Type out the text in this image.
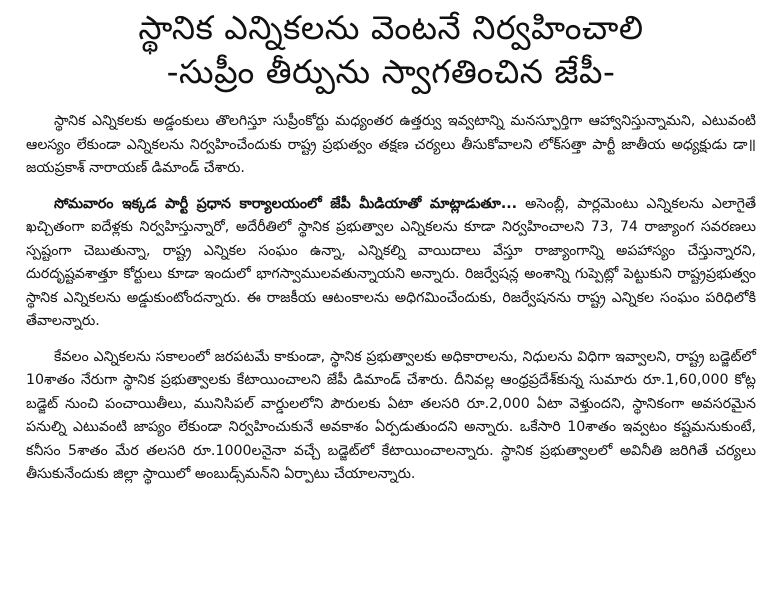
స్థానిక ఎన్నికలను వెంటనే నిర్వహించాలి
-సుప్రీం తీర్పును స్వాగతించిన జేపీ-

స్థానిక ఎన్నికలకు అడ్డంకులు తొలగిస్తూ సుప్రీంకోర్టు మధ్యంతర ఉత్తర్వు ఇవ్వటాన్ని మనస్ఫూర్తిగా ఆహ్వానిస్తున్నామని, ఎటువంటి ఆలస్యం లేకుండా ఎన్నికలను నిర్వహించేందుకు రాష్ట్ర ప్రభుత్వం తక్షణ చర్యలు తీసుకోవాలని లోక్‌సత్తా పార్టీ జాతీయ అధ్యక్షుడు డా॥ జయప్రకాశ్ నారాయణ్ డిమాండ్ చేశారు.

సోమవారం ఇక్కడ పార్టీ ప్రధాన కార్యాలయంలో జేపీ మీడియాతో మాట్లాడుతూ... అసెంబ్లీ, పార్లమెంటు ఎన్నికలను ఎలాగైతే ఖచ్చితంగా ఐదేళ్లకు నిర్వహిస్తున్నారో, అదేరీతిలో స్థానిక ప్రభుత్వాల ఎన్నికలను కూడా నిర్వహించాలని 73, 74 రాజ్యాంగ సవరణలు స్పష్టంగా చెబుతున్నా, రాష్ట్ర ఎన్నికల సంఘం ఉన్నా, ఎన్నికల్ని వాయిదాలు వేస్తూ రాజ్యాంగాన్ని అపహాస్యం చేస్తున్నారని, దురదృష్టవశాత్తూ కోర్టులు కూడా ఇందులో భాగస్వాములవతున్నాయని అన్నారు. రిజర్వేషన్ల అంశాన్ని గుప్పెట్లో పెట్టుకుని రాష్ట్రప్రభుత్వం స్థానిక ఎన్నికలను అడ్డుకుంటోందన్నారు. ఈ రాజకీయ ఆటంకాలను అధిగమించేందుకు, రిజర్వేషనను రాష్ట్ర ఎన్నికల సంఘం పరిధిలోకి తేవాలన్నారు.

కేవలం ఎన్నికలను సకాలంలో జరపటమే కాకుండా, స్థానిక ప్రభుత్వాలకు అధికారాలను, నిధులను విధిగా ఇవ్వాలని, రాష్ట్ర బడ్జెట్‌లో 10శాతం నేరుగా స్థానిక ప్రభుత్వాలకు కేటాయించాలని జేపీ డిమాండ్ చేశారు. దీనివల్ల ఆంధ్రప్రదేశ్‌కున్న సుమారు రూ.1,60,000 కోట్ల బడ్జెట్ నుంచి పంచాయితీలు, మునిసిపల్ వార్డులలోని పౌరులకు ఏటా తలసరి రూ.2,000 ఏటా వెళ్తుందని, స్థానికంగా అవసరమైన పనుల్ని ఎటువంటి జాప్యం లేకుండా నిర్వహించుకునే అవకాశం ఏర్పడుతుందని అన్నారు. ఒకేసారి 10శాతం ఇవ్వటం కష్టమనుకుంటే, కనీసం 5శాతం మేర తలసరి రూ.1000లనైనా వచ్చే బడ్జెట్‌లో కేటాయించాలన్నారు. స్థానిక ప్రభుత్వాలలో అవినీతి జరిగితే చర్యలు తీసుకునేందుకు జిల్లా స్థాయిలో అంబుడ్స్‌మన్‌ని ఏర్పాటు చేయాలన్నారు.
